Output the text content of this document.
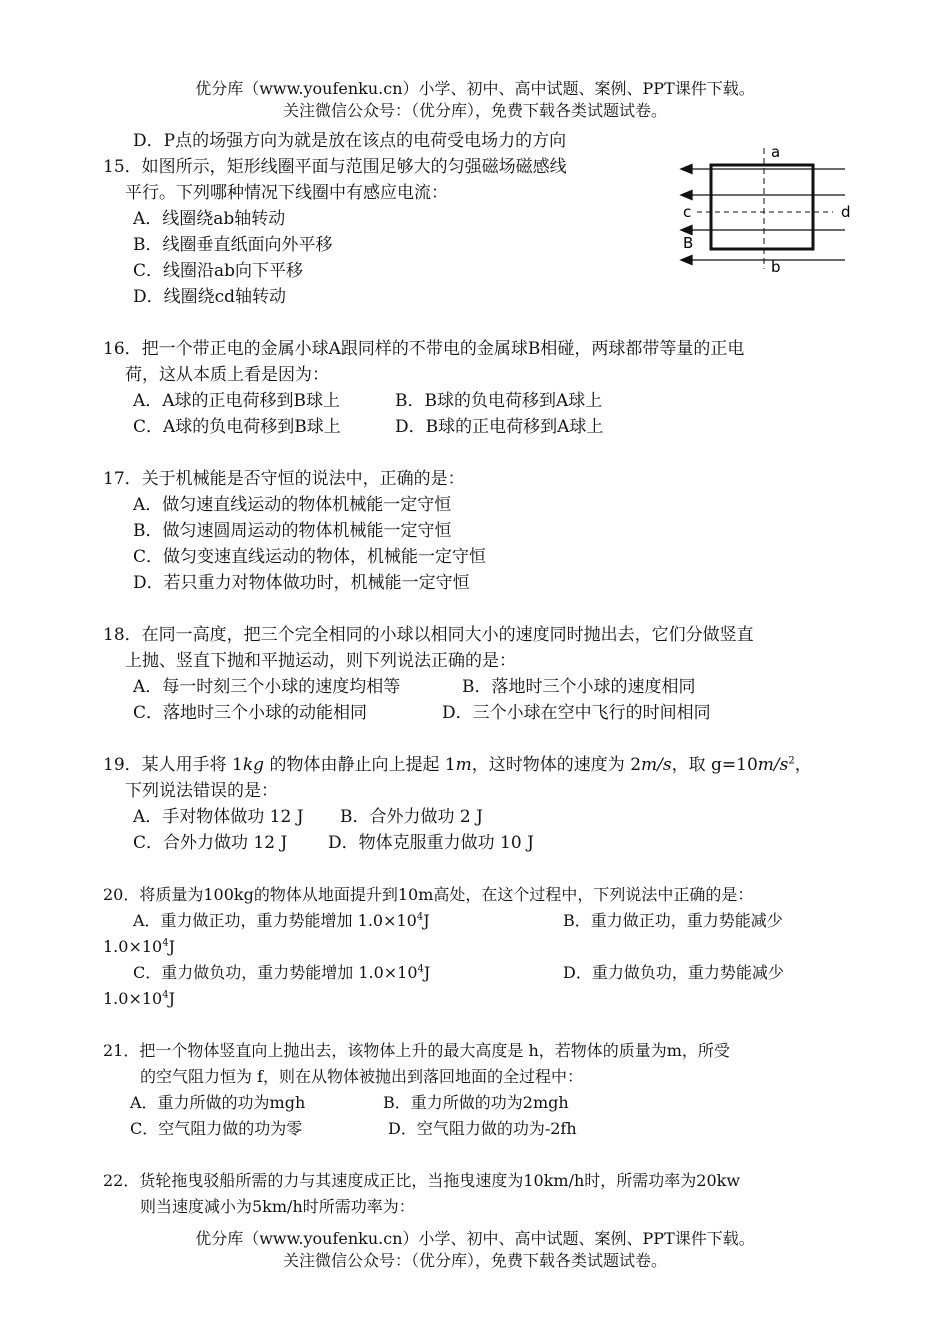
优分库（www.youfenku.cn）小学、初中、高中试题、案例、PPT课件下载。
关注微信公众号：（优分库），免费下载各类试题试卷。
D．P点的场强方向为就是放在该点的电荷受电场力的方向
15．如图所示，矩形线圈平面与范围足够大的匀强磁场磁感线
平行。下列哪种情况下线圈中有感应电流：
A．线圈绕ab轴转动
B．线圈垂直纸面向外平移
C．线圈沿ab向下平移
D．线圈绕cd轴转动
a
b
c	d
B
16．把一个带正电的金属小球A跟同样的不带电的金属球B相碰，两球都带等量的正电
荷，这从本质上看是因为：
A．A球的正电荷移到B球上	B．B球的负电荷移到A球上
C．A球的负电荷移到B球上	D．B球的正电荷移到A球上
17．关于机械能是否守恒的说法中，正确的是：
A．做匀速直线运动的物体机械能一定守恒
B．做匀速圆周运动的物体机械能一定守恒
C．做匀变速直线运动的物体，机械能一定守恒
D．若只重力对物体做功时，机械能一定守恒
18．在同一高度，把三个完全相同的小球以相同大小的速度同时抛出去，它们分做竖直
上抛、竖直下抛和平抛运动，则下列说法正确的是：
A．每一时刻三个小球的速度均相等	B．落地时三个小球的速度相同
C．落地时三个小球的动能相同	D．三个小球在空中飞行的时间相同
19．某人用手将 1kg 的物体由静止向上提起 1m，这时物体的速度为 2m/s，取 $g=10m/s^2$，
下列说法错误的是：
A．手对物体做功 12 J B．合外力做功 2 J
C．合外力做功 12 J D．物体克服重力做功 10 J
20．将质量为100kg的物体从地面提升到10m高处，在这个过程中，下列说法中正确的是：
A．重力做正功，重力势能增加 $1.0\times 10^4J$	B．重力做正功，重力势能减少
$1.0\times 10^4J$
C．重力做负功，重力势能增加 $1.0\times 10^4J$	D．重力做负功，重力势能减少
$1.0\times 10^4J$
21．把一个物体竖直向上抛出去，该物体上升的最大高度是 h，若物体的质量为m，所受
的空气阻力恒为 f，则在从物体被抛出到落回地面的全过程中：
A．重力所做的功为mgh	B．重力所做的功为2mgh
C．空气阻力做的功为零	D．空气阻力做的功为-2fh
22．货轮拖曳驳船所需的力与其速度成正比，当拖曳速度为10km/h时，所需功率为20kw
则当速度减小为5km/h时所需功率为：
优分库（www.youfenku.cn）小学、初中、高中试题、案例、PPT课件下载。
关注微信公众号：（优分库），免费下载各类试题试卷。
